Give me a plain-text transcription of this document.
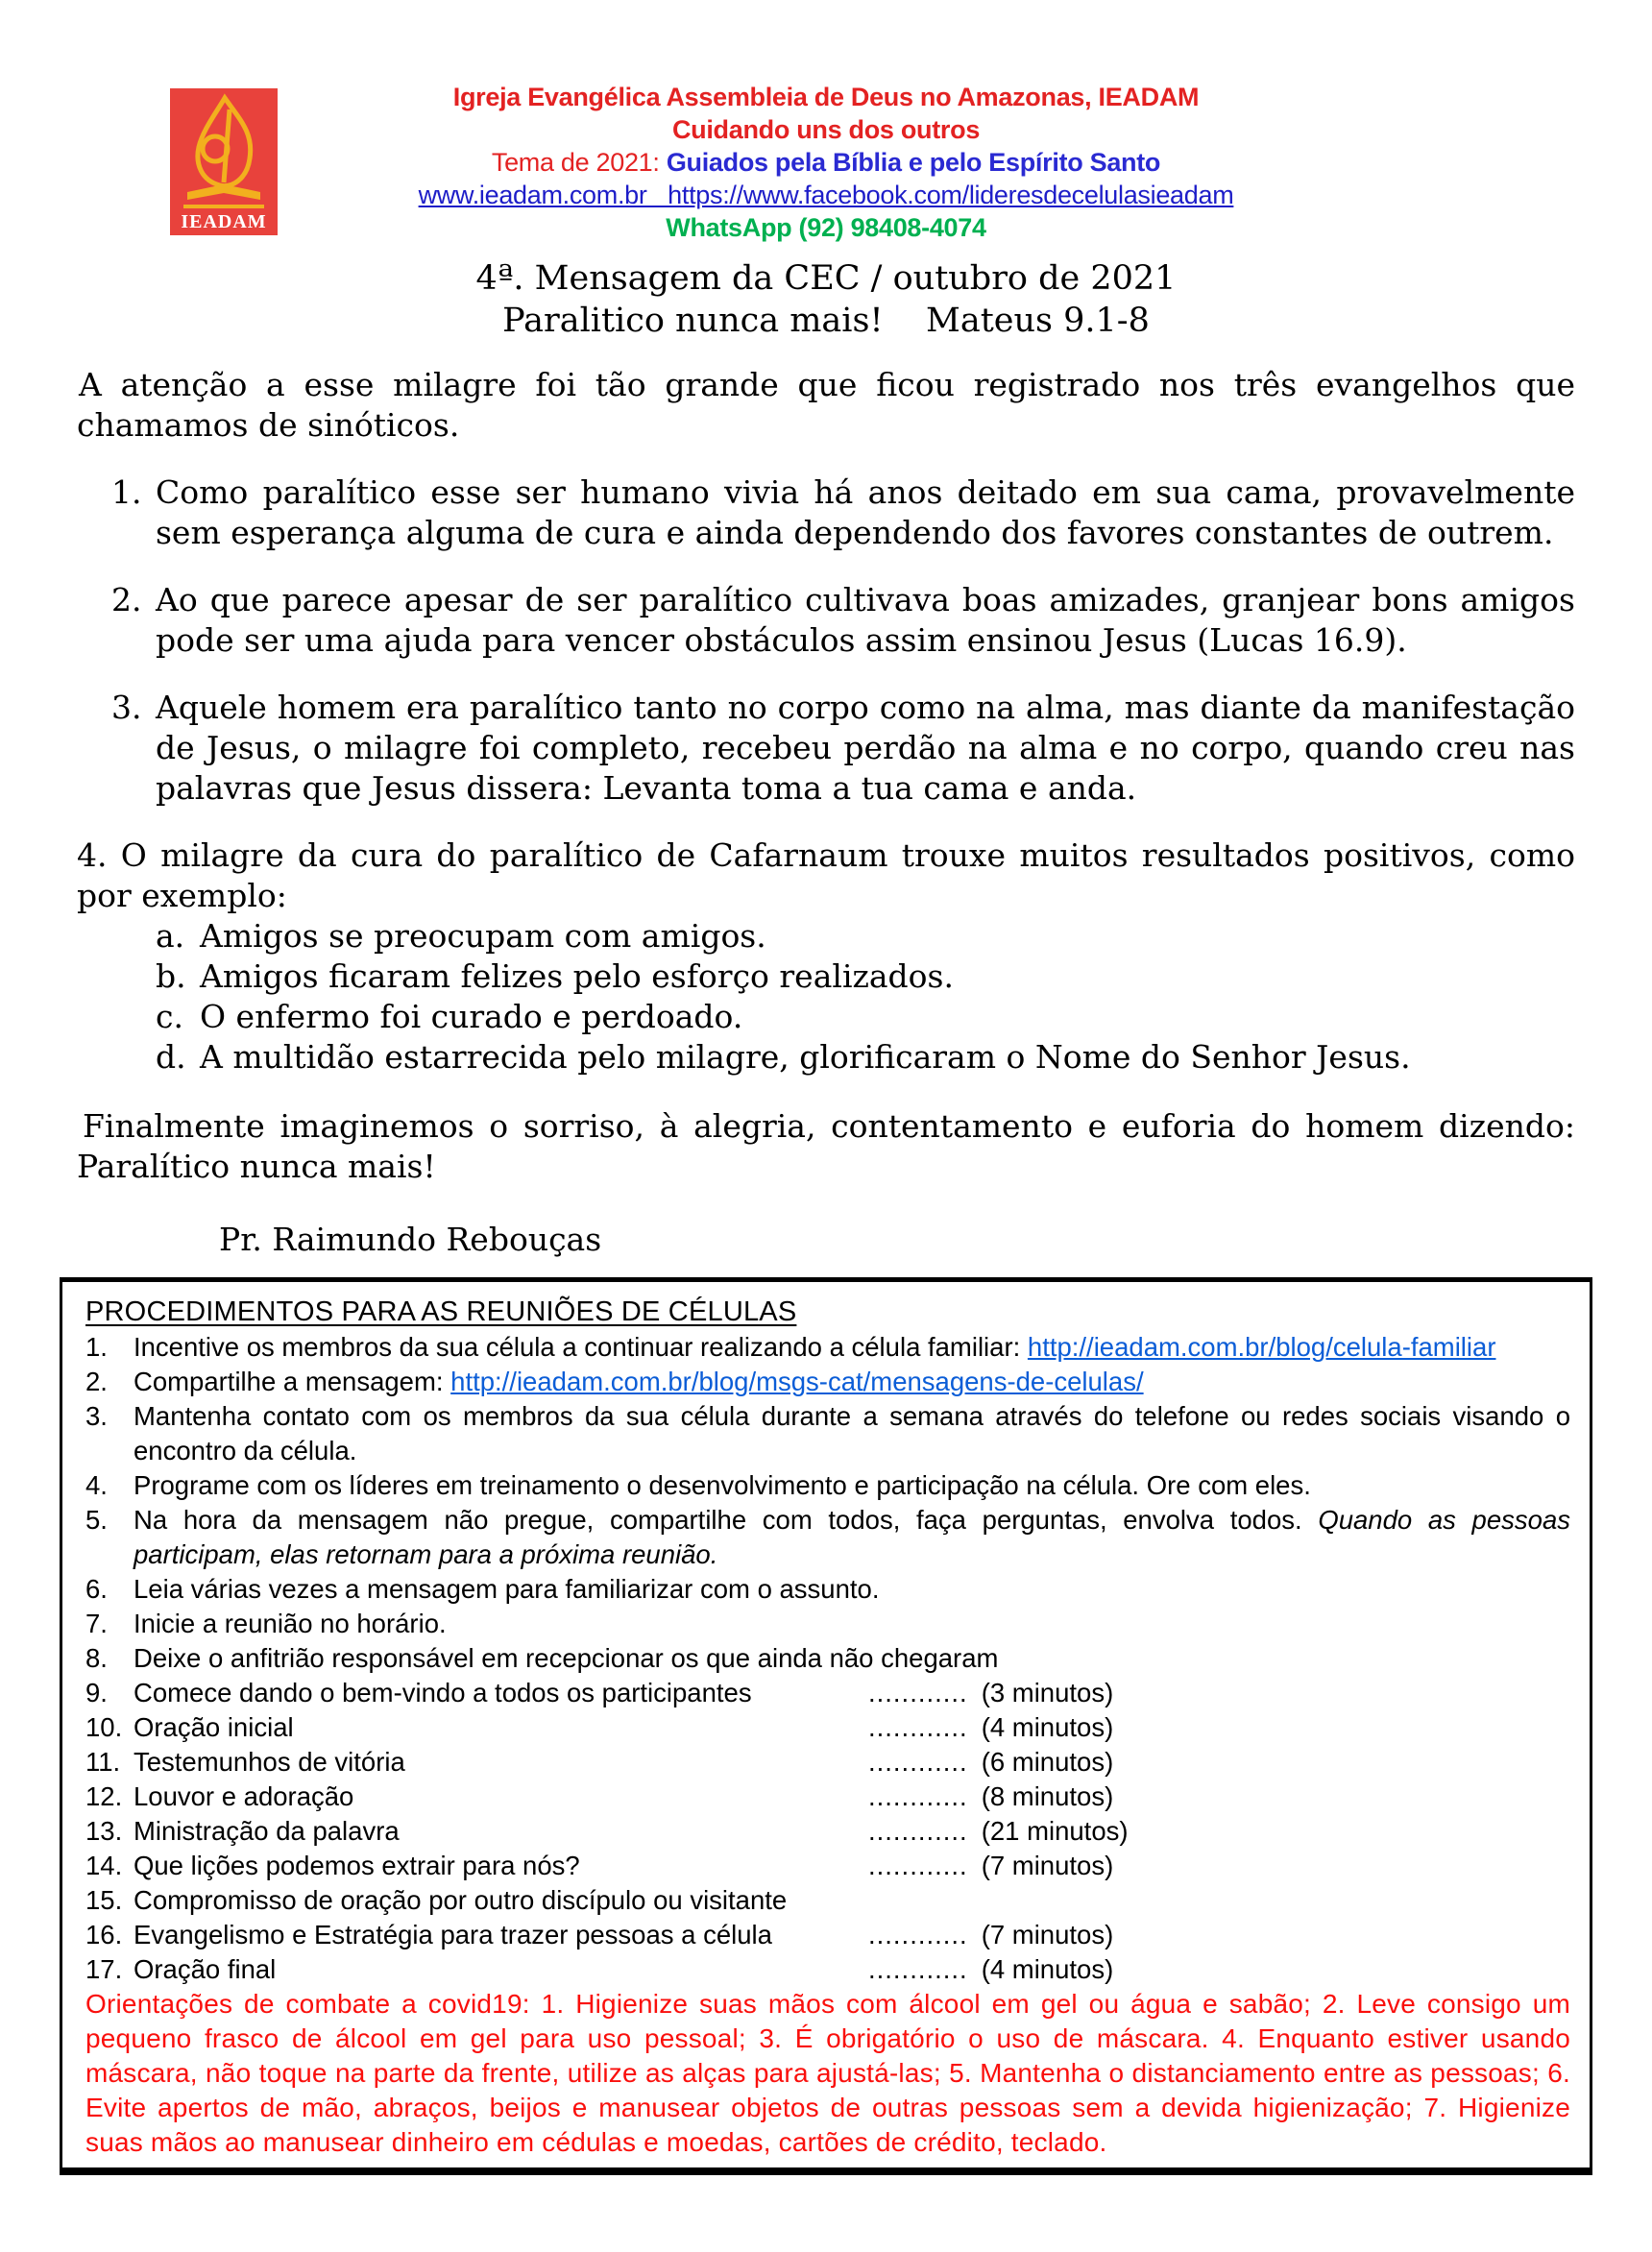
IEADAM
Igreja Evangélica Assembleia de Deus no Amazonas, IEADAM
Cuidando uns dos outros
Tema de 2021: Guiados pela Bíblia e pelo Espírito Santo
www.ieadam.com.br   https://www.facebook.com/lideresdecelulasieadam
WhatsApp (92) 98408-4074
4ª. Mensagem da CEC / outubro de 2021
Paralitico nunca mais!    Mateus 9.1-8

A atenção a esse milagre foi tão grande que ficou registrado nos três evangelhos que chamamos de sinóticos.

1. Como paralítico esse ser humano vivia há anos deitado em sua cama, provavelmente sem esperança alguma de cura e ainda dependendo dos favores constantes de outrem.
2. Ao que parece apesar de ser paralítico cultivava boas amizades, granjear bons amigos pode ser uma ajuda para vencer obstáculos assim ensinou Jesus (Lucas 16.9).
3. Aquele homem era paralítico tanto no corpo como na alma, mas diante da manifestação de Jesus, o milagre foi completo, recebeu perdão na alma e no corpo, quando creu nas palavras que Jesus dissera: Levanta toma a tua cama e anda.

4. O milagre da cura do paralítico de Cafarnaum trouxe muitos resultados positivos, como por exemplo:

a. Amigos se preocupam com amigos.
b. Amigos ficaram felizes pelo esforço realizados.
c. O enfermo foi curado e perdoado.
d. A multidão estarrecida pelo milagre, glorificaram o Nome do Senhor Jesus.

Finalmente imaginemos o sorriso, à alegria, contentamento e euforia do homem dizendo: Paralítico nunca mais!

Pr. Raimundo Rebouças

PROCEDIMENTOS PARA AS REUNIÕES DE CÉLULAS
1. Incentive os membros da sua célula a continuar realizando a célula familiar: http://ieadam.com.br/blog/celula-familiar
2. Compartilhe a mensagem: http://ieadam.com.br/blog/msgs-cat/mensagens-de-celulas/
3. Mantenha contato com os membros da sua célula durante a semana através do telefone ou redes sociais visando o encontro da célula.
4. Programe com os líderes em treinamento o desenvolvimento e participação na célula. Ore com eles.
5. Na hora da mensagem não pregue, compartilhe com todos, faça perguntas, envolva todos. Quando as pessoas participam, elas retornam para a próxima reunião.
6. Leia várias vezes a mensagem para familiarizar com o assunto.
7. Inicie a reunião no horário.
8. Deixe o anfitrião responsável em recepcionar os que ainda não chegaram
9. Comece dando o bem-vindo a todos os participantes	............ (3 minutos)
10. Oração inicial	............ (4 minutos)
11. Testemunhos de vitória	............ (6 minutos)
12. Louvor e adoração	............ (8 minutos)
13. Ministração da palavra	............ (21 minutos)
14. Que lições podemos extrair para nós?	............ (7 minutos)
15. Compromisso de oração por outro discípulo ou visitante
16. Evangelismo e Estratégia para trazer pessoas a célula	............ (7 minutos)
17. Oração final	............ (4 minutos)

Orientações de combate a covid19: 1. Higienize suas mãos com álcool em gel ou água e sabão; 2. Leve consigo um pequeno frasco de álcool em gel para uso pessoal; 3. É obrigatório o uso de máscara. 4. Enquanto estiver usando máscara, não toque na parte da frente, utilize as alças para ajustá-las; 5. Mantenha o distanciamento entre as pessoas; 6. Evite apertos de mão, abraços, beijos e manusear objetos de outras pessoas sem a devida higienização; 7. Higienize suas mãos ao manusear dinheiro em cédulas e moedas, cartões de crédito, teclado.
